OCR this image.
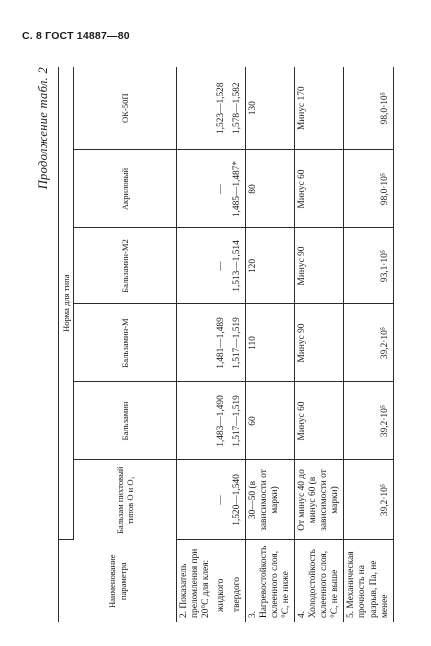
С. 8 ГОСТ 14887—80
Продолжение табл. 2
Наименование параметра	Норма для типа					
	Бальзам пихтовый типов О и О₁	Бальзамин	Бальзамин-М	Бальзамин-М2	Акриловый	ОК-50П
2. Показатель преломления при 20°С для клея:						
жидкого	—	1,483—1,490	1,481—1,489	—	—	1,523—1,528
твердого	1,520—1,540	1,517—1,519	1,517—1,519	1,513—1,514	1,485—1,487*	1,578—1,582
3. Нагревостойкость склеенного слоя, °С, не ниже	30—50 (в зависимости от марки)	60	110	120	80	130
4. Холодостойкость склеенного слоя, °С, не выше	От минус 40 до минус 60 (в зависимости от марки)	Минус 60	Минус 90	Минус 90	Минус 60	Минус 170
5. Механическая прочность на разрыв, Па, не менее	39,2·10⁵	39,2·10⁵	39,2·10⁵	93,1·10⁵	98,0·10⁵	98,0·10⁵
